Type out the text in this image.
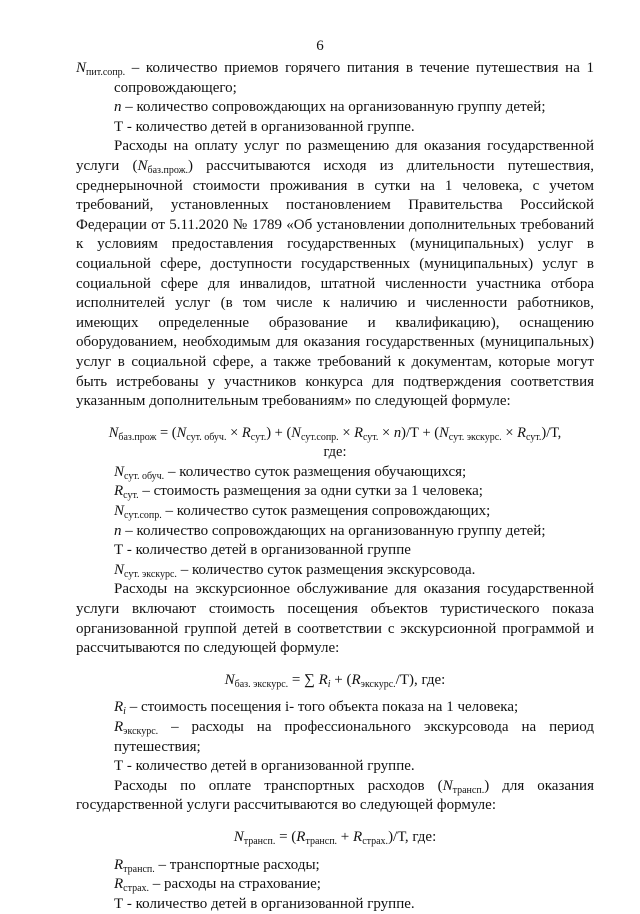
6

$N_{пит.сопр.}$ – количество приемов горячего питания в течение путешествия на 1 сопровождающего;

n – количество сопровождающих на организованную группу детей;

Т - количество детей в организованной группе.

Расходы на оплату услуг по размещению для оказания государственной услуги $(N_{баз.прож.})$ рассчитываются исходя из длительности путешествия, среднерыночной стоимости проживания в сутки на 1 человека, с учетом требований, установленных постановлением Правительства Российской Федерации от 5.11.2020 № 1789 «Об установлении дополнительных требований к условиям предоставления государственных (муниципальных) услуг в социальной сфере, доступности государственных (муниципальных) услуг в социальной сфере для инвалидов, штатной численности участника отбора исполнителей услуг (в том числе к наличию и численности работников, имеющих определенные образование и квалификацию), оснащению оборудованием, необходимым для оказания государственных (муниципальных) услуг в социальной сфере, а также требований к документам, которые могут быть истребованы у участников конкурса для подтверждения соответствия указанным дополнительным требованиям» по следующей формуле:

$N_{баз.прож} = (N_{сут. обуч.} \times R_{сут.}) + (N_{сут.сопр.} \times R_{сут.} \times n)/Т + (N_{сут. экскурс.} \times R_{сут.})/Т$,

где:

$N_{сут. обуч.}$ – количество суток размещения обучающихся;

$R_{сут.}$ – стоимость размещения за одни сутки за 1 человека;

$N_{сут.сопр.}$ – количество суток размещения сопровождающих;

n – количество сопровождающих на организованную группу детей;

Т - количество детей в организованной группе

$N_{сут. экскурс.}$ – количество суток размещения экскурсовода.

Расходы на экскурсионное обслуживание для оказания государственной услуги включают стоимость посещения объектов туристического показа организованной группой детей в соответствии с экскурсионной программой и рассчитываются по следующей формуле:

$N_{баз. экскурс.}$ = ∑ $R_i + (R_{экскурс.}/Т)$, где:

$R_i$ – стоимость посещения i- того объекта показа на 1 человека;

$R_{экскурс.}$ – расходы на профессионального экскурсовода на период путешествия;

Т - количество детей в организованной группе.

Расходы по оплате транспортных расходов $(N_{трансп.})$ для оказания государственной услуги рассчитываются во следующей формуле:

$N_{трансп.} = (R_{трансп.} + R_{страх.})/Т$, где:

$R_{трансп.}$ – транспортные расходы;

$R_{страх.}$ – расходы на страхование;

Т - количество детей в организованной группе.
